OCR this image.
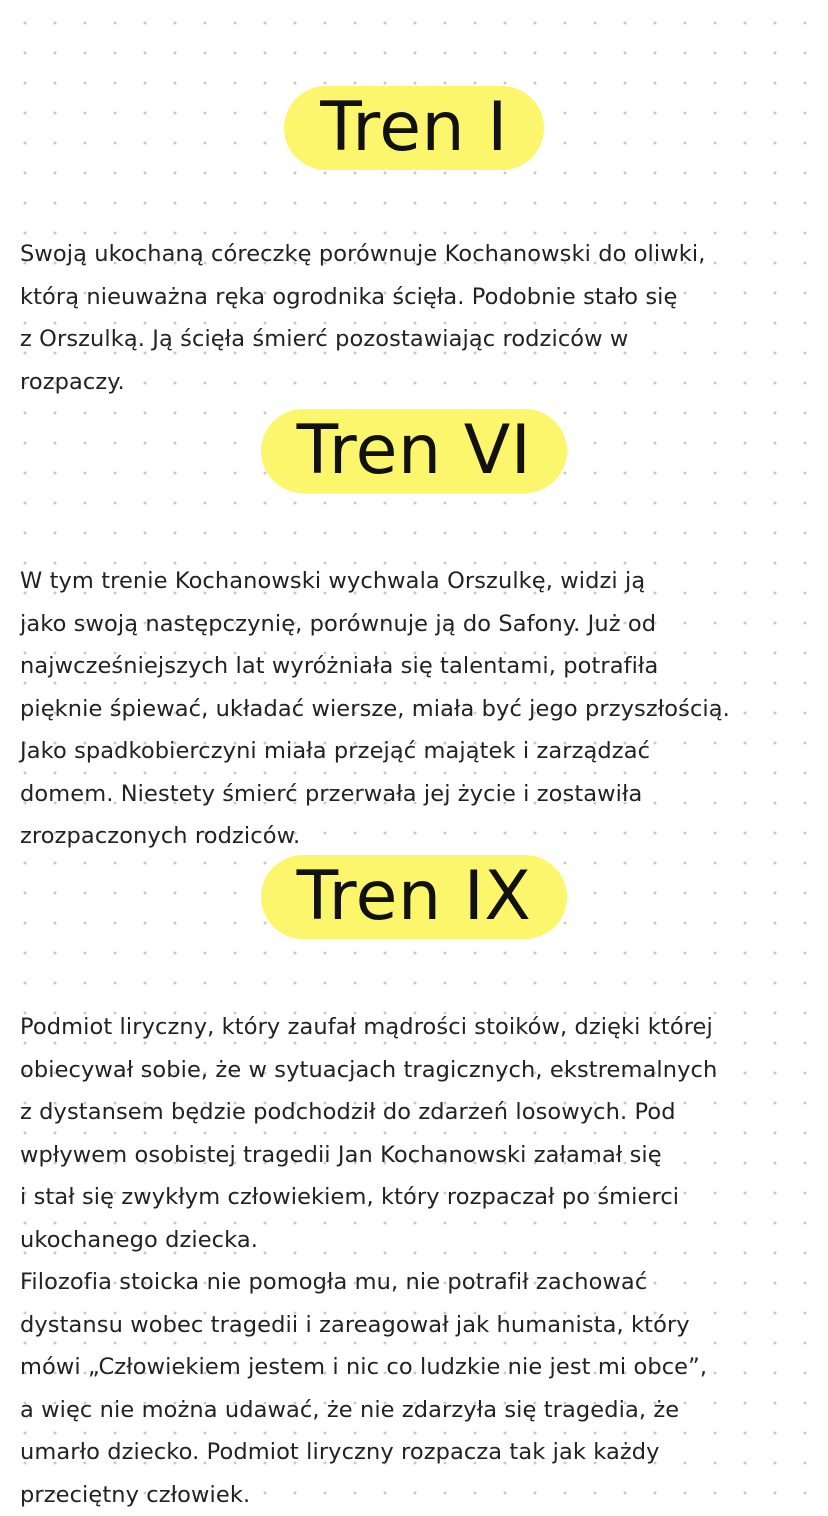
Tren I

Swoją ukochaną córeczkę porównuje Kochanowski do oliwki,
którą nieuważna ręka ogrodnika ścięła. Podobnie stało się
z Orszulką. Ją ścięła śmierć pozostawiając rodziców w
rozpaczy.

Tren VI

W tym trenie Kochanowski wychwala Orszulkę, widzi ją
jako swoją następczynię, porównuje ją do Safony. Już od
najwcześniejszych lat wyróżniała się talentami, potrafiła
pięknie śpiewać, układać wiersze, miała być jego przyszłością.
Jako spadkobierczyni miała przejąć majątek i zarządzać
domem. Niestety śmierć przerwała jej życie i zostawiła
zrozpaczonych rodziców.

Tren IX

Podmiot liryczny, który zaufał mądrości stoików, dzięki której
obiecywał sobie, że w sytuacjach tragicznych, ekstremalnych
z dystansem będzie podchodził do zdarzeń losowych. Pod
wpływem osobistej tragedii Jan Kochanowski załamał się
i stał się zwykłym człowiekiem, który rozpaczał po śmierci
ukochanego dziecka.
Filozofia stoicka nie pomogła mu, nie potrafił zachować
dystansu wobec tragedii i zareagował jak humanista, który
mówi „Człowiekiem jestem i nic co ludzkie nie jest mi obce”,
a więc nie można udawać, że nie zdarzyła się tragedia, że
umarło dziecko. Podmiot liryczny rozpacza tak jak każdy
przeciętny człowiek.
